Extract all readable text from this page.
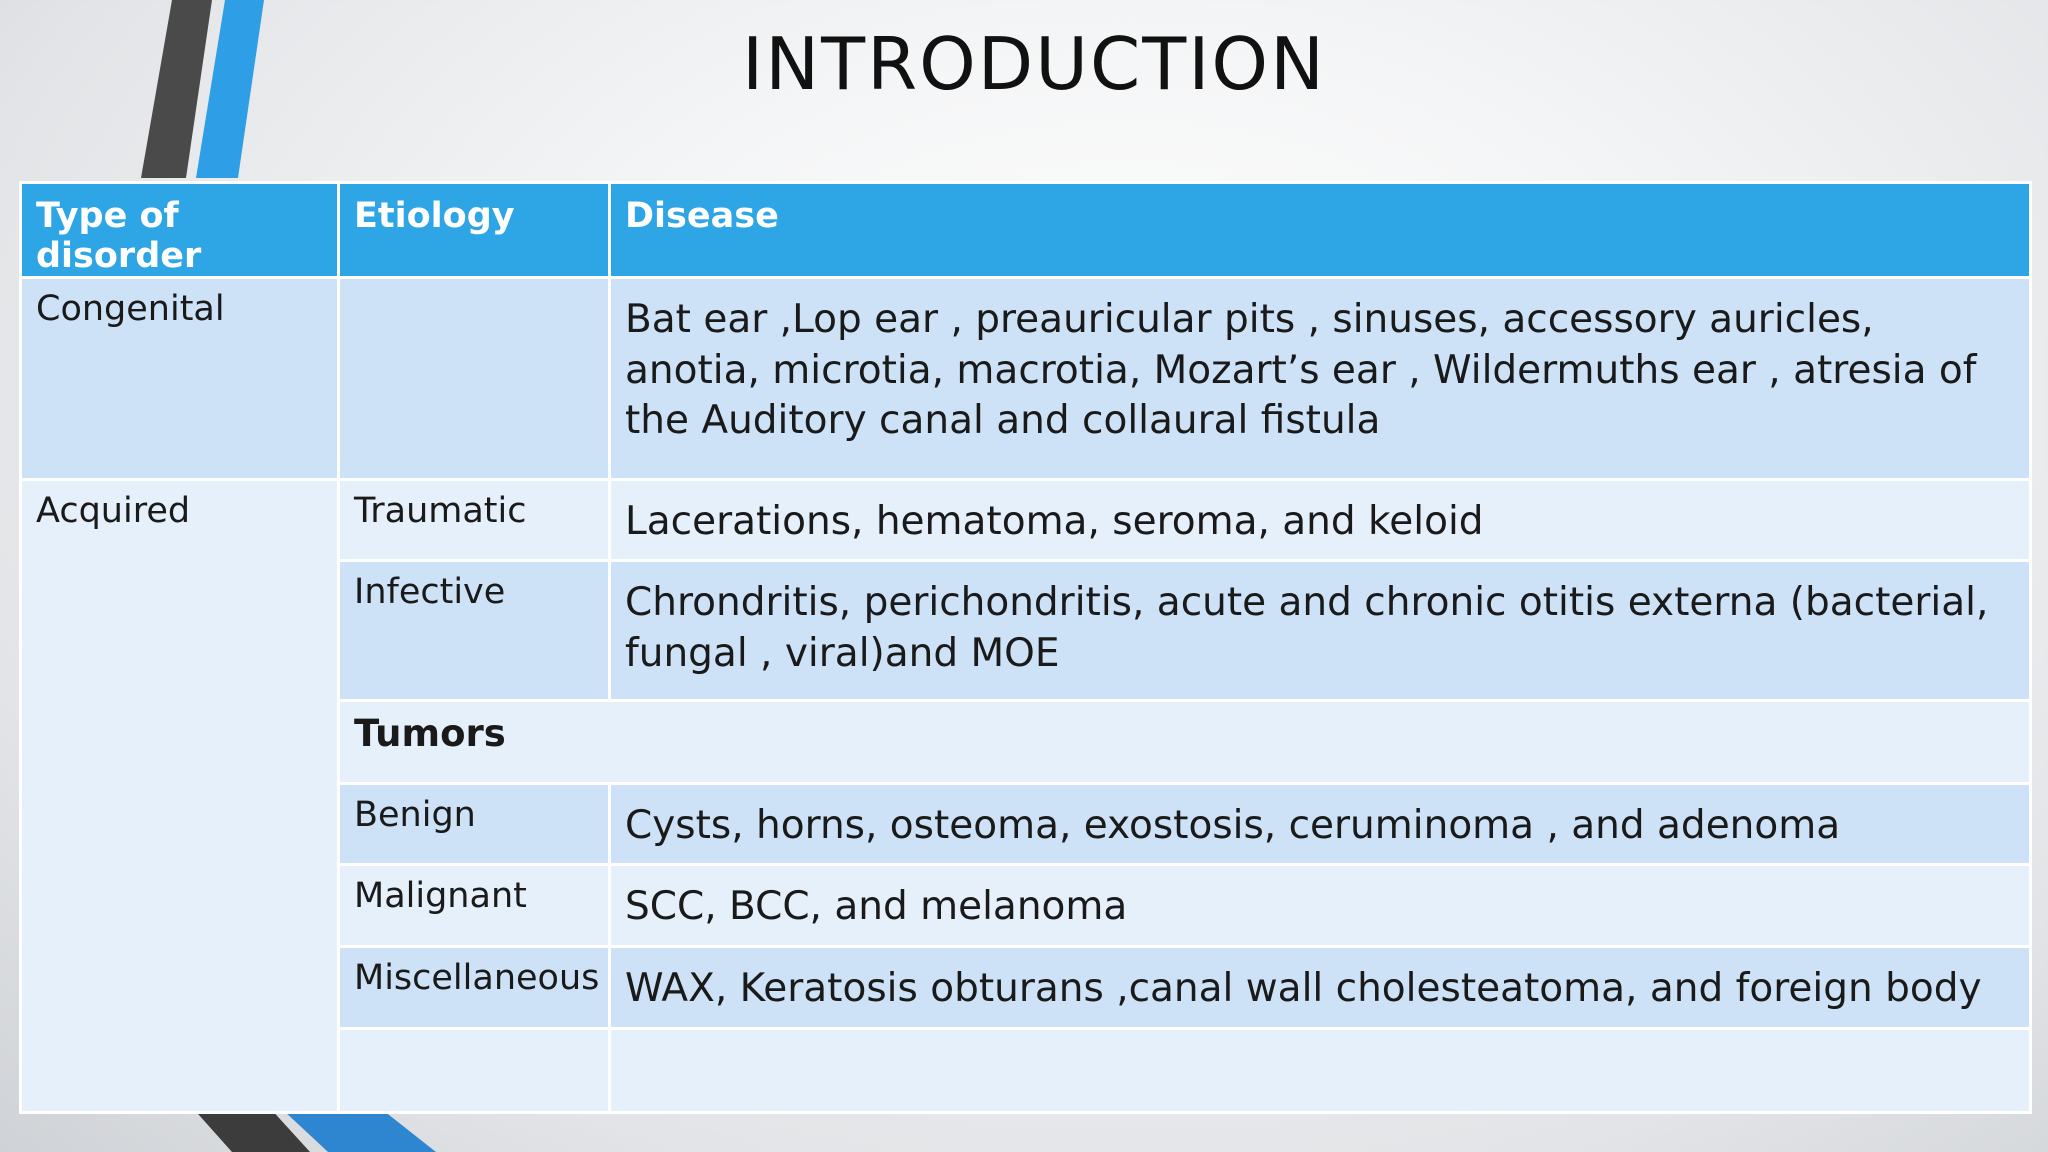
INTRODUCTION
Type of disorder	Etiology	Disease
Congenital		Bat ear ,Lop ear , preauricular pits , sinuses, accessory auricles, anotia, microtia, macrotia, Mozart’s ear , Wildermuths ear , atresia of the Auditory canal and collaural fistula
Acquired	Traumatic	Lacerations, hematoma, seroma, and keloid
	Infective	Chrondritis, perichondritis, acute and chronic otitis externa (bacterial, fungal , viral)and MOE
	Tumors	
	Benign	Cysts, horns, osteoma, exostosis, ceruminoma , and adenoma
	Malignant	SCC, BCC, and melanoma
	Miscellaneous	WAX, Keratosis obturans ,canal wall cholesteatoma, and foreign body
